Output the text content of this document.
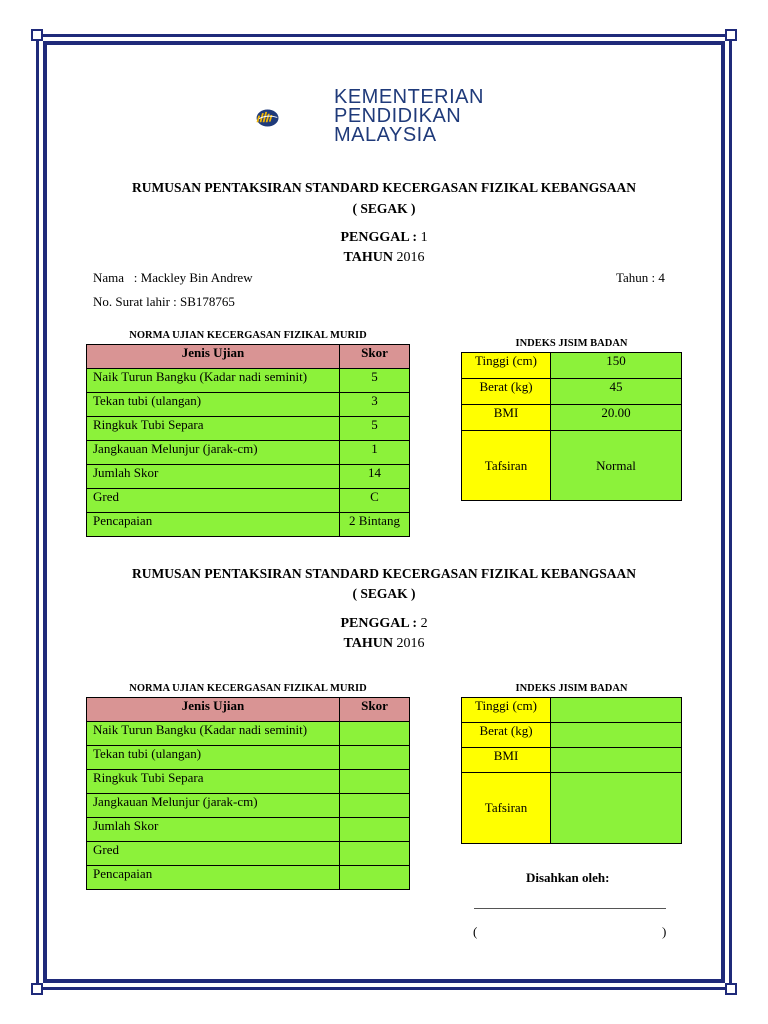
KEMENTERIAN
PENDIDIKAN
MALAYSIA
RUMUSAN PENTAKSIRAN STANDARD KECERGASAN FIZIKAL KEBANGSAAN
( SEGAK )
PENGGAL : 1
TAHUN 2016
Nama : Mackley Bin Andrew	Tahun : 4
No. Surat lahir : SB178765
NORMA UJIAN KECERGASAN FIZIKAL MURID
Jenis Ujian	Skor
Naik Turun Bangku (Kadar nadi seminit)	5
Tekan tubi (ulangan)	3
Ringkuk Tubi Separa	5
Jangkauan Melunjur (jarak-cm)	1
Jumlah Skor	14
Gred	C
Pencapaian	2 Bintang
INDEKS JISIM BADAN
Tinggi (cm)	150
Berat (kg)	45
BMI	20.00
Tafsiran	Normal
RUMUSAN PENTAKSIRAN STANDARD KECERGASAN FIZIKAL KEBANGSAAN
( SEGAK )
PENGGAL : 2
TAHUN 2016
NORMA UJIAN KECERGASAN FIZIKAL MURID
Jenis Ujian	Skor
Naik Turun Bangku (Kadar nadi seminit)	
Tekan tubi (ulangan)	
Ringkuk Tubi Separa	
Jangkauan Melunjur (jarak-cm)	
Jumlah Skor	
Gred	
Pencapaian	
INDEKS JISIM BADAN
Tinggi (cm)	
Berat (kg)	
BMI	
Tafsiran	
Disahkan oleh:
(	)
